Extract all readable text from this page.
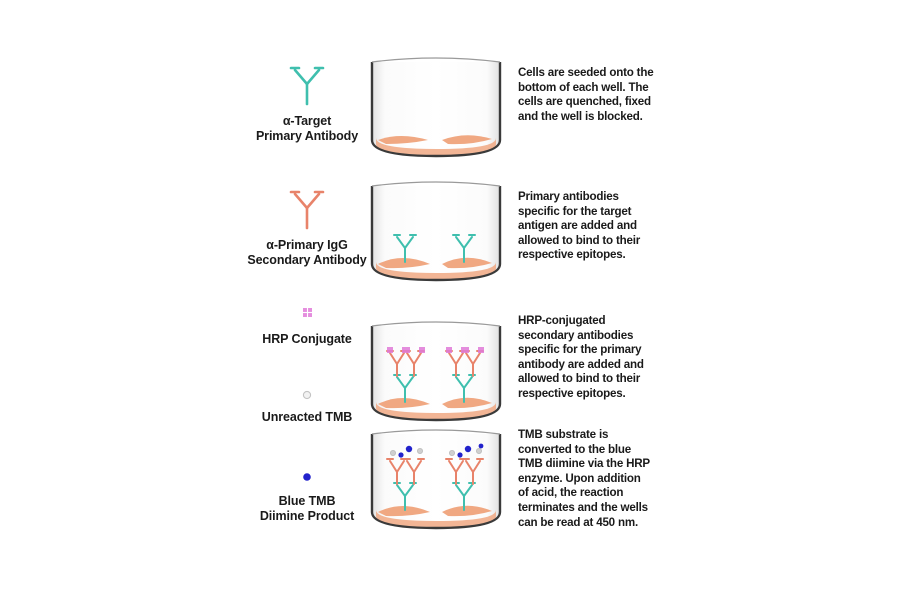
α-Target
Primary Antibody
Cells are seeded onto the bottom of each well. The cells are quenched, fixed and the well is blocked.
α-Primary IgG
Secondary Antibody
Primary antibodies specific for the target antigen are added and allowed to bind to their respective epitopes.
HRP Conjugate
Unreacted TMB
HRP-conjugated secondary antibodies specific for the primary antibody are added and allowed to bind to their respective epitopes.
Blue TMB
Diimine Product
TMB substrate is converted to the blue TMB diimine via the HRP enzyme. Upon addition of acid, the reaction terminates and the wells can be read at 450 nm.
